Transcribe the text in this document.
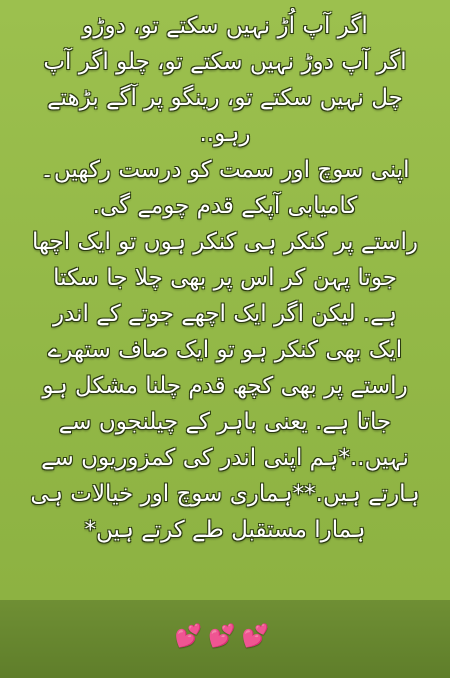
اگر آپ اُڑ نہیں سکتے تو، دوڑو
اگر آپ دوڑ نہیں سکتے تو، چلو اگر آپ
چل نہیں سکتے تو، رینگو پر آگے بڑھتے
رہو..
اپنی سوچ اور سمت کو درست رکھیں۔
کامیابی آپکے قدم چومے گی.
راستے پر کنکر ہی کنکر ہوں تو ایک اچھا
جوتا پہن کر اس پر بھی چلا جا سکتا
ہے. لیکن اگر ایک اچھے جوتے کے اندر
ایک بھی کنکر ہو تو ایک صاف ستھرے
راستے پر بھی کچھ قدم چلنا مشکل ہو
جاتا ہے. یعنی باہر کے چیلنجوں سے
نہیں..*ہم اپنی اندر کی کمزوریوں سے
ہارتے ہیں.**ہماری سوچ اور خیالات ہی
ہمارا مستقبل طے کرتے ہیں*
💕💕💕
